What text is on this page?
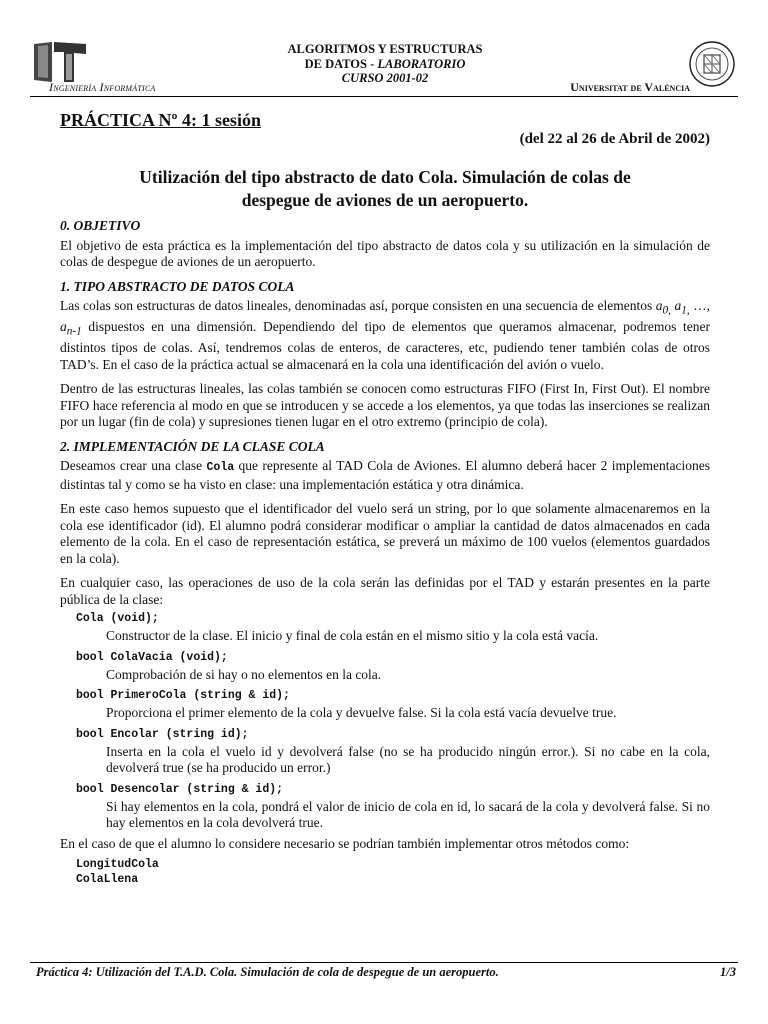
Ingeniería Informática
ALGORITMOS Y ESTRUCTURAS
DE DATOS - LABORATORIO
CURSO 2001-02
Universitat de València
PRÁCTICA Nº 4: 1 sesión
(del 22 al 26 de Abril de 2002)
Utilización del tipo abstracto de dato Cola. Simulación de colas de
despegue de aviones de un aeropuerto.
0. OBJETIVO
El objetivo de esta práctica es la implementación del tipo abstracto de datos cola y su utilización en la simulación de colas de despegue de aviones de un aeropuerto.
1. TIPO ABSTRACTO DE DATOS COLA
Las colas son estructuras de datos lineales, denominadas así, porque consisten en una secuencia de elementos $a_{0,}$ $a_{1,}$ …, $a_{n-1}$ dispuestos en una dimensión. Dependiendo del tipo de elementos que queramos almacenar, podremos tener distintos tipos de colas. Así, tendremos colas de enteros, de caracteres, etc, pudiendo tener también colas de otros TAD’s. En el caso de la práctica actual se almacenará en la cola una identificación del avión o vuelo.
Dentro de las estructuras lineales, las colas también se conocen como estructuras FIFO (First In, First Out). El nombre FIFO hace referencia al modo en que se introducen y se accede a los elementos, ya que todas las inserciones se realizan por un lugar (fin de cola) y supresiones tienen lugar en el otro extremo (principio de cola).
2. IMPLEMENTACIÓN DE LA CLASE COLA
Deseamos crear una clase Cola que represente al TAD Cola de Aviones. El alumno deberá hacer 2 implementaciones distintas tal y como se ha visto en clase: una implementación estática y otra dinámica.
En este caso hemos supuesto que el identificador del vuelo será un string, por lo que solamente almacenaremos en la cola ese identificador (id). El alumno podrá considerar modificar o ampliar la cantidad de datos almacenados en cada elemento de la cola. En el caso de representación estática, se preverá un máximo de 100 vuelos (elementos guardados en la cola).
En cualquier caso, las operaciones de uso de la cola serán las definidas por el TAD y estarán presentes en la parte pública de la clase:
Cola (void);
Constructor de la clase. El inicio y final de cola están en el mismo sitio y la cola está vacía.
bool ColaVacia (void);
Comprobación de si hay o no elementos en la cola.
bool PrimeroCola (string & id);
Proporciona el primer elemento de la cola y devuelve false. Si la cola está vacía devuelve true.
bool Encolar (string id);
Inserta en la cola el vuelo id y devolverá false (no se ha producido ningún error.). Si no cabe en la cola, devolverá true (se ha producido un error.)
bool Desencolar (string & id);
Si hay elementos en la cola, pondrá el valor de inicio de cola en id, lo sacará de la cola y devolverá false. Si no hay elementos en la cola devolverá true.
En el caso de que el alumno lo considere necesario se podrían también implementar otros métodos como:
LongitudCola
ColaLlena
Práctica 4: Utilización del T.A.D. Cola. Simulación de cola de despegue de un aeropuerto.	1/3
